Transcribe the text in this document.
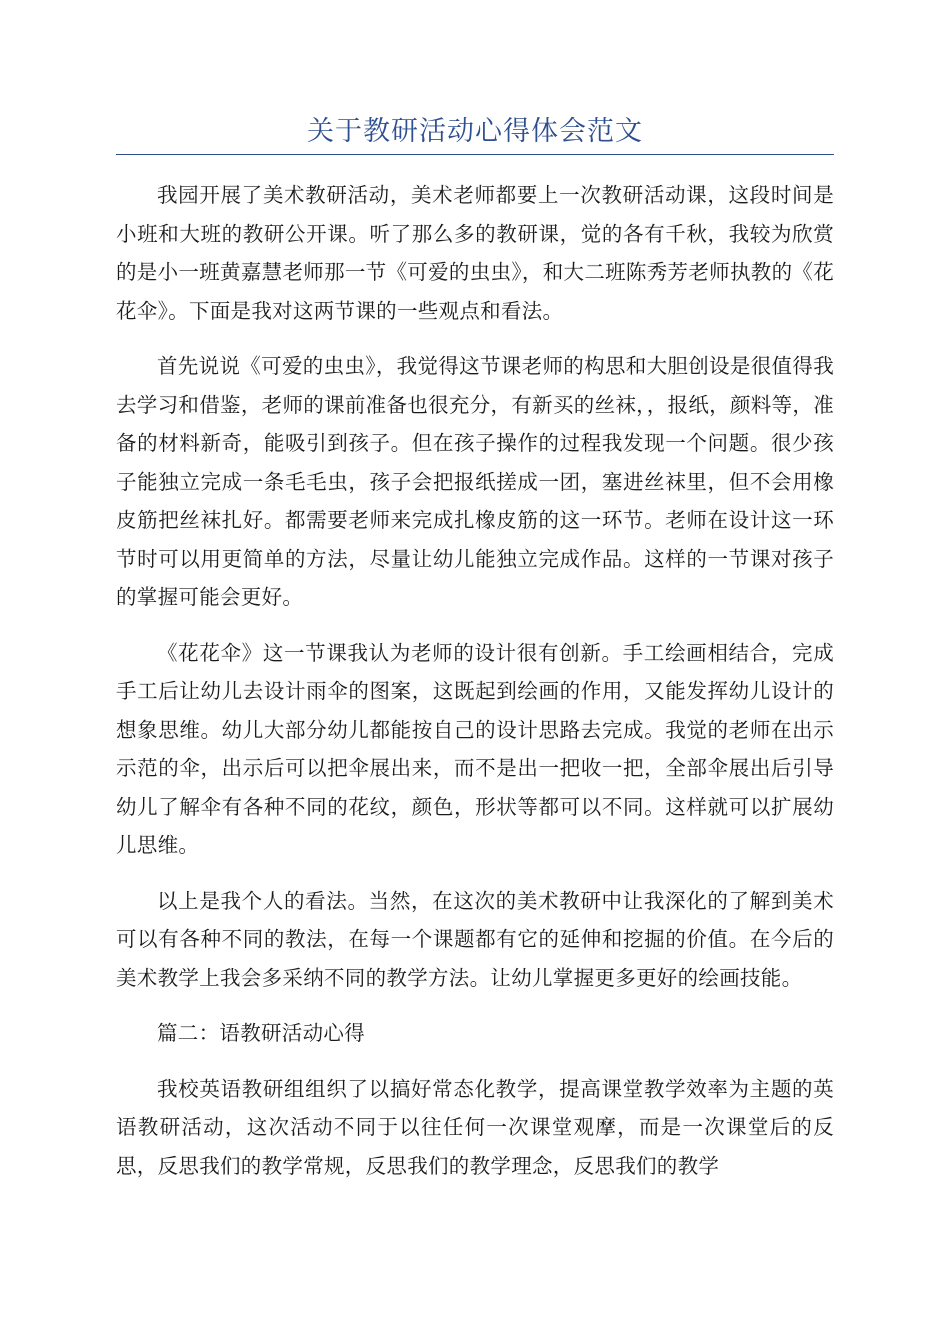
关于教研活动心得体会范文

我园开展了美术教研活动，美术老师都要上一次教研活动课，这段时间是小班和大班的教研公开课。听了那么多的教研课，觉的各有千秋，我较为欣赏的是小一班黄嘉慧老师那一节《可爱的虫虫》，和大二班陈秀芳老师执教的《花花伞》。下面是我对这两节课的一些观点和看法。

首先说说《可爱的虫虫》，我觉得这节课老师的构思和大胆创设是很值得我去学习和借鉴，老师的课前准备也很充分，有新买的丝袜，，报纸，颜料等，准备的材料新奇，能吸引到孩子。但在孩子操作的过程我发现一个问题。很少孩子能独立完成一条毛毛虫，孩子会把报纸搓成一团，塞进丝袜里，但不会用橡皮筋把丝袜扎好。都需要老师来完成扎橡皮筋的这一环节。老师在设计这一环节时可以用更简单的方法，尽量让幼儿能独立完成作品。这样的一节课对孩子的掌握可能会更好。

《花花伞》这一节课我认为老师的设计很有创新。手工绘画相结合，完成手工后让幼儿去设计雨伞的图案，这既起到绘画的作用，又能发挥幼儿设计的想象思维。幼儿大部分幼儿都能按自己的设计思路去完成。我觉的老师在出示示范的伞，出示后可以把伞展出来，而不是出一把收一把，全部伞展出后引导幼儿了解伞有各种不同的花纹，颜色，形状等都可以不同。这样就可以扩展幼儿思维。

以上是我个人的看法。当然，在这次的美术教研中让我深化的了解到美术可以有各种不同的教法，在每一个课题都有它的延伸和挖掘的价值。在今后的美术教学上我会多采纳不同的教学方法。让幼儿掌握更多更好的绘画技能。

篇二：语教研活动心得

我校英语教研组组织了以搞好常态化教学，提高课堂教学效率为主题的英语教研活动，这次活动不同于以往任何一次课堂观摩，而是一次课堂后的反思，反思我们的教学常规，反思我们的教学理念，反思我们的教学
